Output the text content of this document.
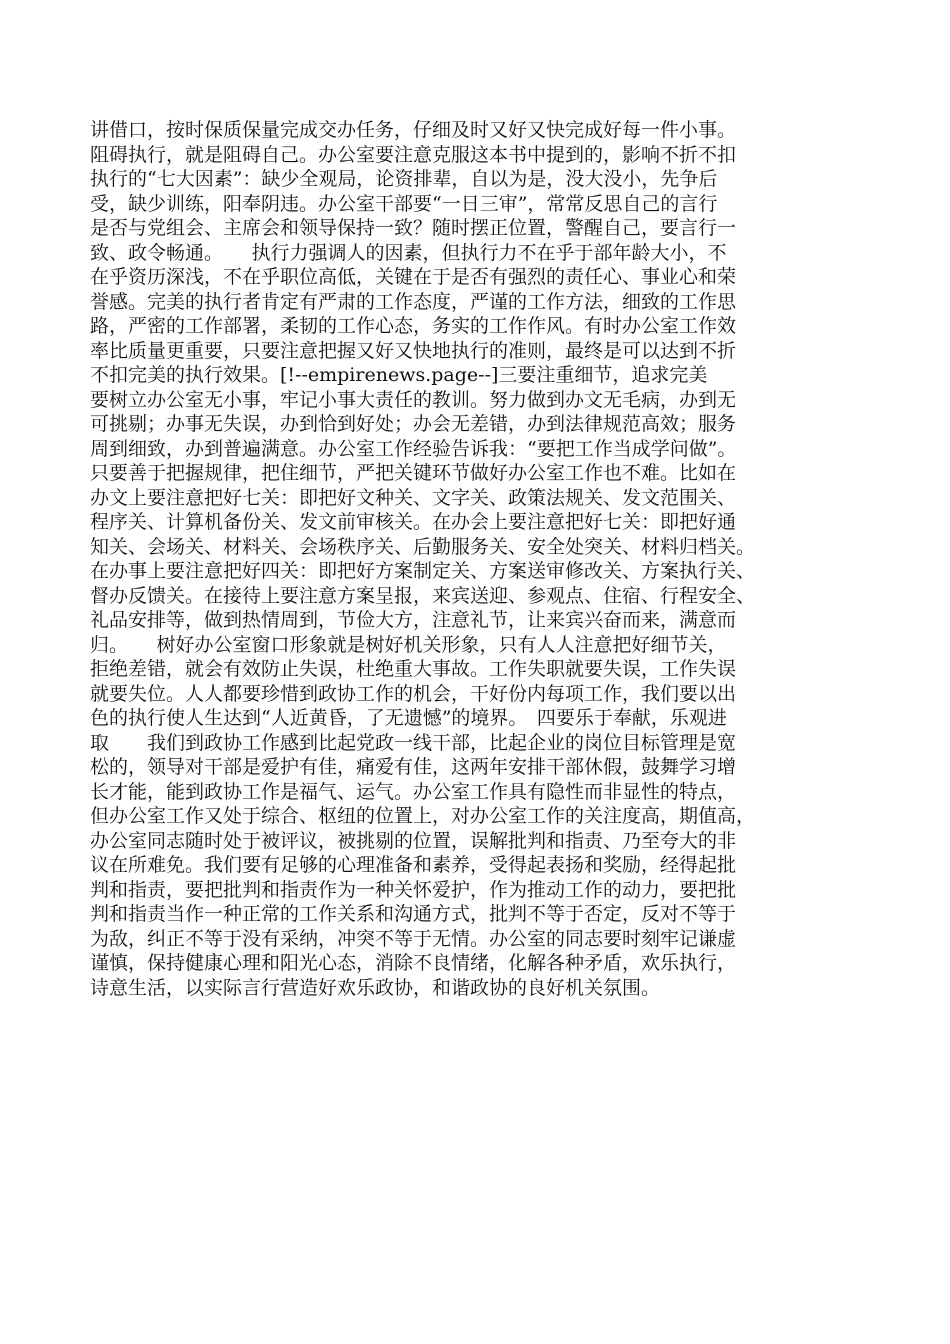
讲借口，按时保质保量完成交办任务，仔细及时又好又快完成好每一件小事。
阻碍执行，就是阻碍自己。办公室要注意克服这本书中提到的，影响不折不扣
执行的“七大因素”：缺少全观局，论资排辈，自以为是，没大没小，先争后
受，缺少训练，阳奉阴违。办公室干部要“一日三审”，常常反思自己的言行
是否与党组会、主席会和领导保持一致？随时摆正位置，警醒自己，要言行一
致、政令畅通。　　执行力强调人的因素，但执行力不在乎于部年龄大小，不
在乎资历深浅，不在乎职位高低，关键在于是否有强烈的责任心、事业心和荣
誉感。完美的执行者肯定有严肃的工作态度，严谨的工作方法，细致的工作思
路，严密的工作部署，柔韧的工作心态，务实的工作作风。有时办公室工作效
率比质量更重要，只要注意把握又好又快地执行的准则，最终是可以达到不折
不扣完美的执行效果。[!--empirenews.page--]三要注重细节，追求完美
要树立办公室无小事，牢记小事大责任的教训。努力做到办文无毛病，办到无
可挑剔；办事无失误，办到恰到好处；办会无差错，办到法律规范高效；服务
周到细致，办到普遍满意。办公室工作经验告诉我：“要把工作当成学问做”。
只要善于把握规律，把住细节，严把关键环节做好办公室工作也不难。比如在
办文上要注意把好七关：即把好文种关、文字关、政策法规关、发文范围关、
程序关、计算机备份关、发文前审核关。在办会上要注意把好七关：即把好通
知关、会场关、材料关、会场秩序关、后勤服务关、安全处突关、材料归档关。
在办事上要注意把好四关：即把好方案制定关、方案送审修改关、方案执行关、
督办反馈关。在接待上要注意方案呈报，来宾送迎、参观点、住宿、行程安全、
礼品安排等，做到热情周到，节俭大方，注意礼节，让来宾兴奋而来，满意而
归。　　树好办公室窗口形象就是树好机关形象，只有人人注意把好细节关，
拒绝差错，就会有效防止失误，杜绝重大事故。工作失职就要失误，工作失误
就要失位。人人都要珍惜到政协工作的机会，干好份内每项工作，我们要以出
色的执行使人生达到“人近黄昏，了无遗憾”的境界。　四要乐于奉献，乐观进
取　　我们到政协工作感到比起党政一线干部，比起企业的岗位目标管理是宽
松的，领导对干部是爱护有佳，痛爱有佳，这两年安排干部休假，鼓舞学习增
长才能，能到政协工作是福气、运气。办公室工作具有隐性而非显性的特点，
但办公室工作又处于综合、枢纽的位置上，对办公室工作的关注度高，期值高，
办公室同志随时处于被评议，被挑剔的位置，误解批判和指责、乃至夸大的非
议在所难免。我们要有足够的心理准备和素养，受得起表扬和奖励，经得起批
判和指责，要把批判和指责作为一种关怀爱护，作为推动工作的动力，要把批
判和指责当作一种正常的工作关系和沟通方式，批判不等于否定，反对不等于
为敌，纠正不等于没有采纳，冲突不等于无情。办公室的同志要时刻牢记谦虚
谨慎，保持健康心理和阳光心态，消除不良情绪，化解各种矛盾，欢乐执行，
诗意生活，以实际言行营造好欢乐政协，和谐政协的良好机关氛围。
